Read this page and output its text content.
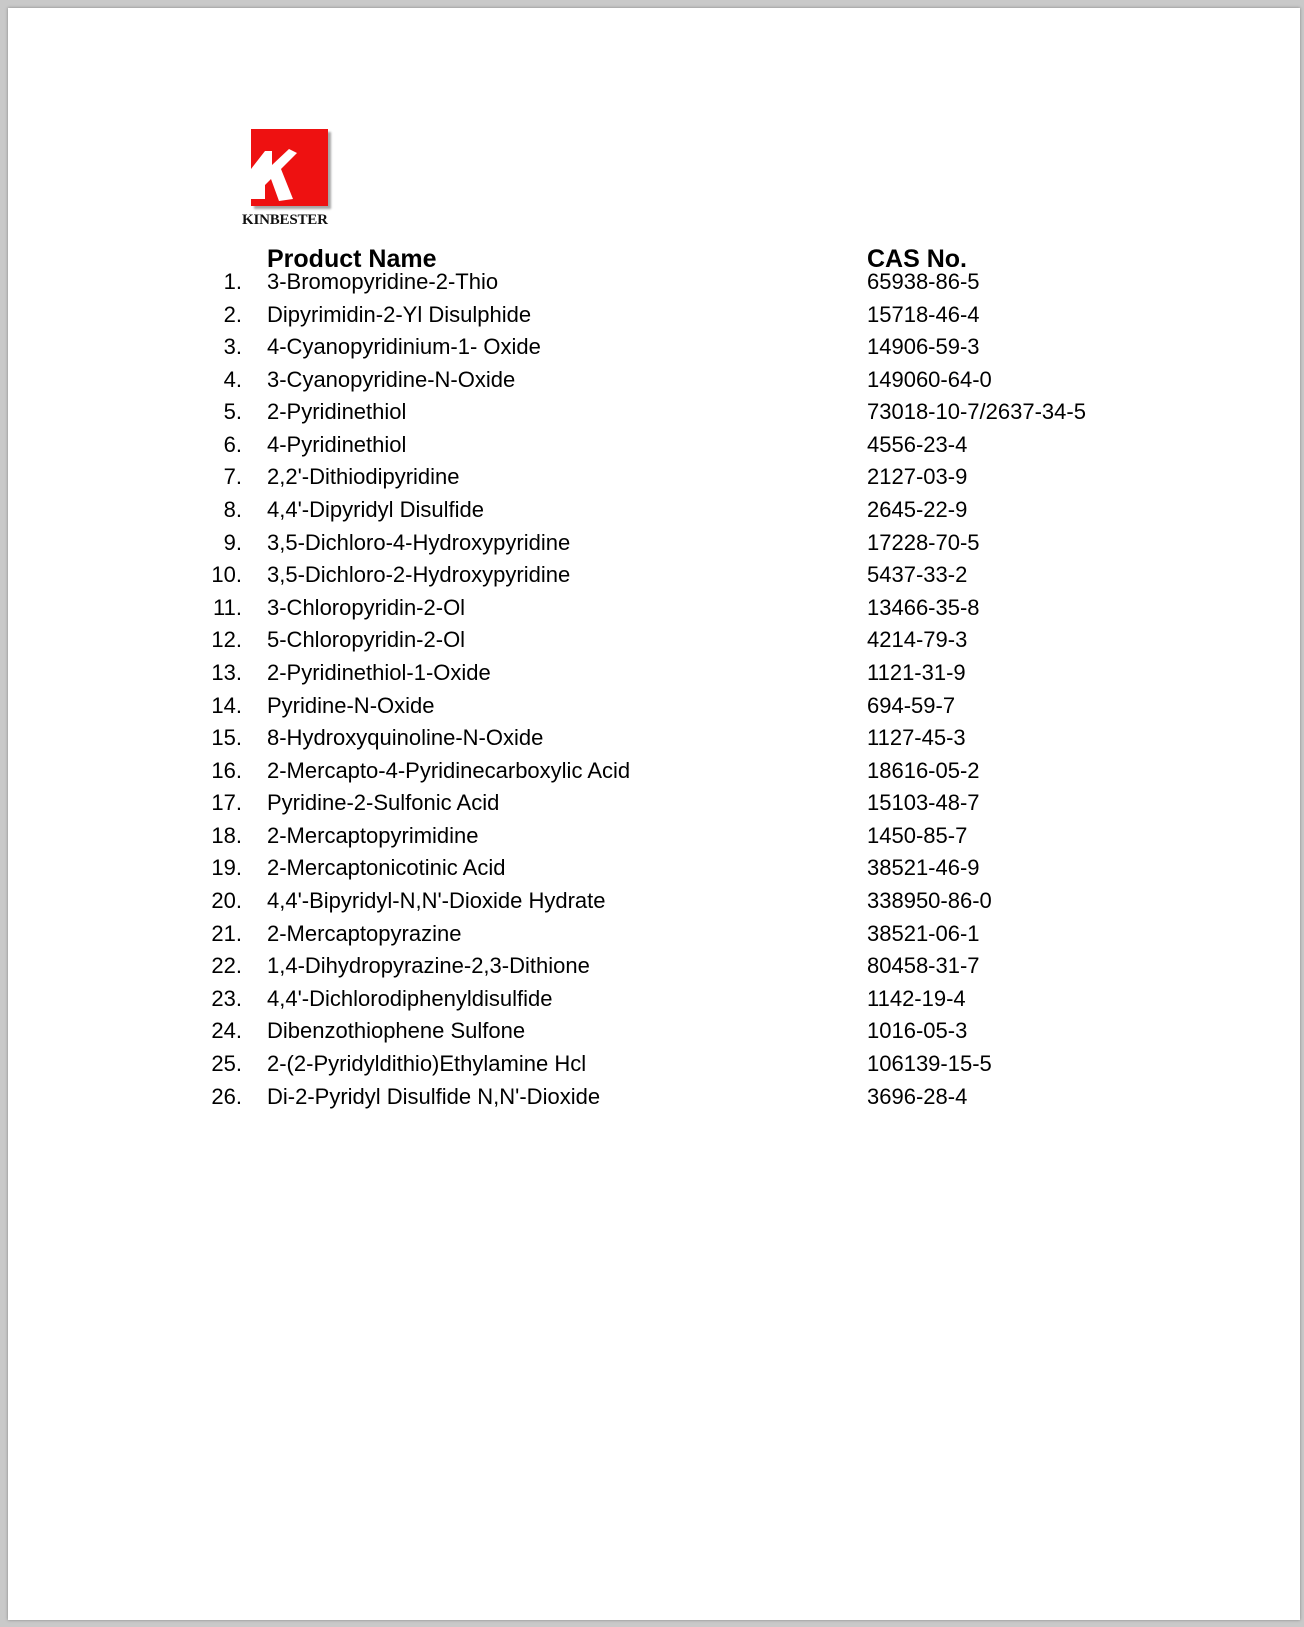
KINBESTER
Product Name	CAS No.
1. 3-Bromopyridine-2-Thio	65938-86-5
2. Dipyrimidin-2-Yl Disulphide	15718-46-4
3. 4-Cyanopyridinium-1- Oxide	14906-59-3
4. 3-Cyanopyridine-N-Oxide	149060-64-0
5. 2-Pyridinethiol	73018-10-7/2637-34-5
6. 4-Pyridinethiol	4556-23-4
7. 2,2'-Dithiodipyridine	2127-03-9
8. 4,4'-Dipyridyl Disulfide	2645-22-9
9. 3,5-Dichloro-4-Hydroxypyridine	17228-70-5
10. 3,5-Dichloro-2-Hydroxypyridine	5437-33-2
11. 3-Chloropyridin-2-Ol	13466-35-8
12. 5-Chloropyridin-2-Ol	4214-79-3
13. 2-Pyridinethiol-1-Oxide	1121-31-9
14. Pyridine-N-Oxide	694-59-7
15. 8-Hydroxyquinoline-N-Oxide	1127-45-3
16. 2-Mercapto-4-Pyridinecarboxylic Acid	18616-05-2
17. Pyridine-2-Sulfonic Acid	15103-48-7
18. 2-Mercaptopyrimidine	1450-85-7
19. 2-Mercaptonicotinic Acid	38521-46-9
20. 4,4'-Bipyridyl-N,N'-Dioxide Hydrate	338950-86-0
21. 2-Mercaptopyrazine	38521-06-1
22. 1,4-Dihydropyrazine-2,3-Dithione	80458-31-7
23. 4,4'-Dichlorodiphenyldisulfide	1142-19-4
24. Dibenzothiophene Sulfone	1016-05-3
25. 2-(2-Pyridyldithio)Ethylamine Hcl	106139-15-5
26. Di-2-Pyridyl Disulfide N,N'-Dioxide	3696-28-4
